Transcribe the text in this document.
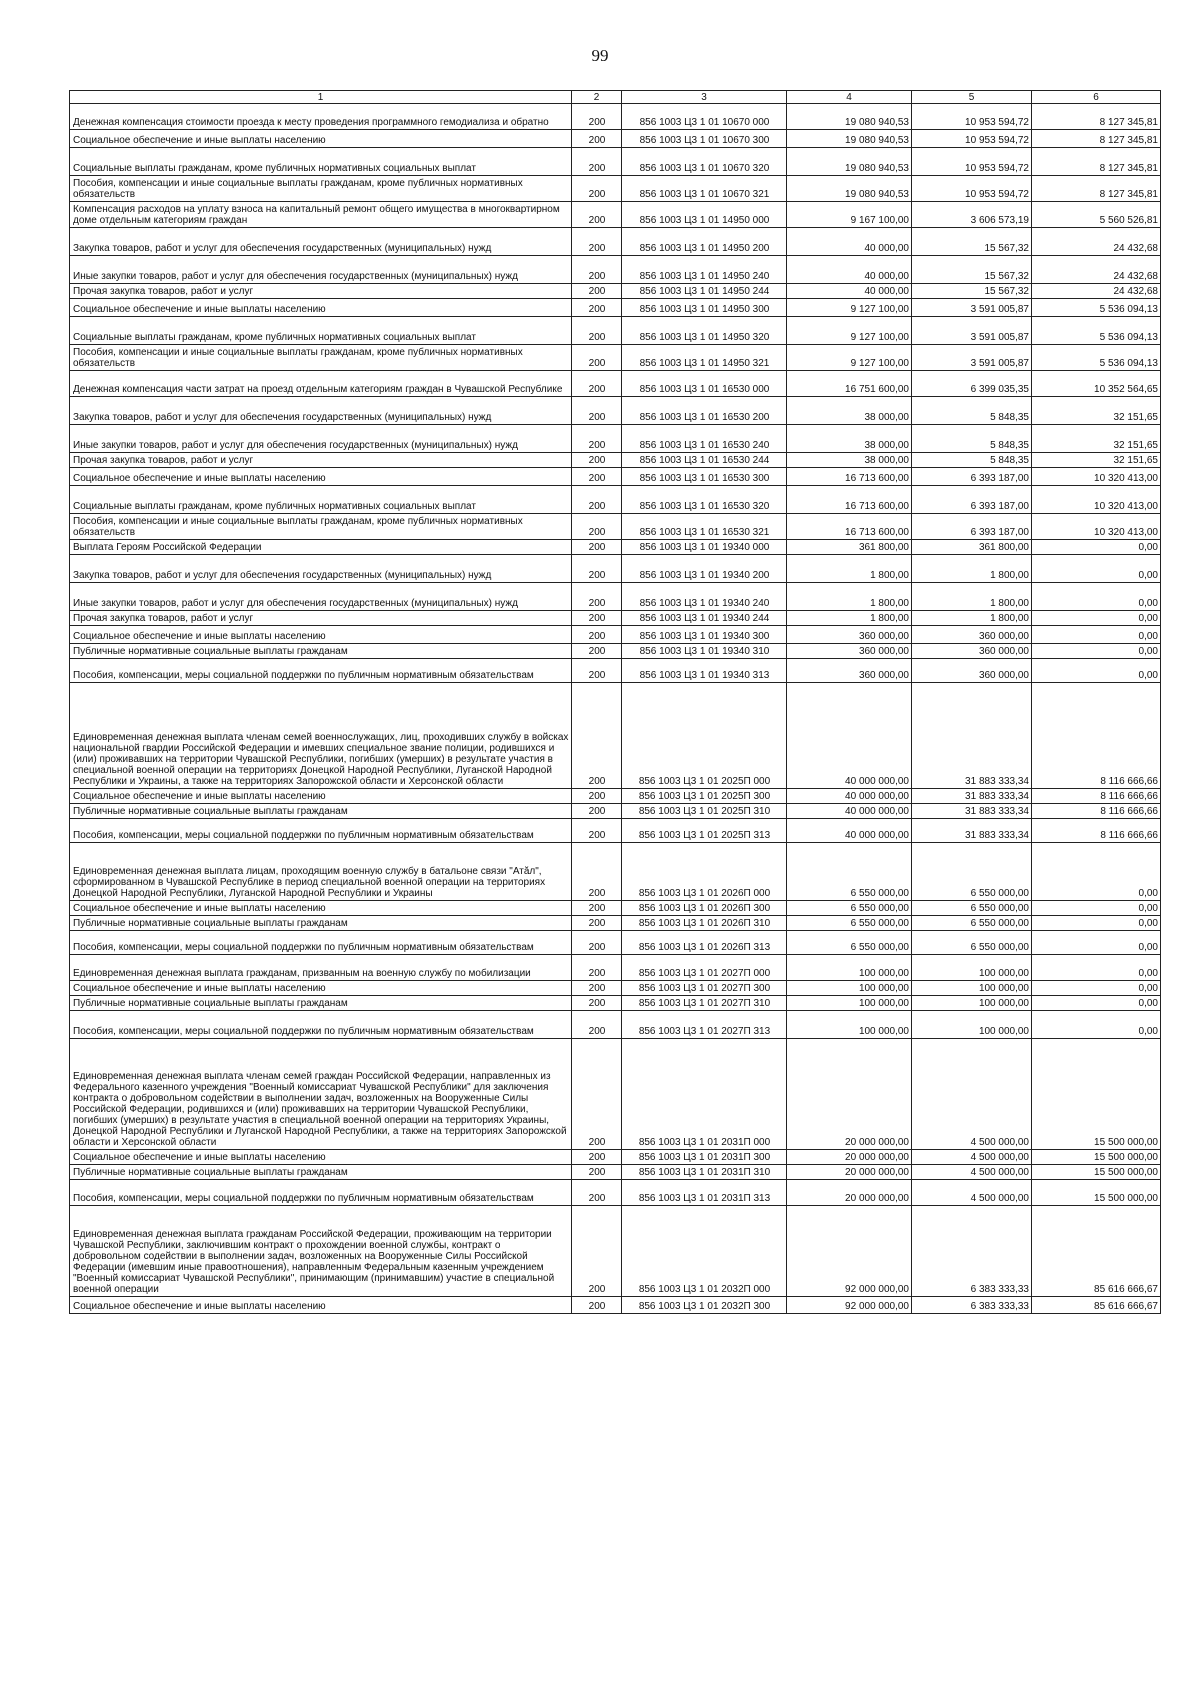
99
1	2	3	4	5	6
Денежная компенсация стоимости проезда к месту проведения программного гемодиализа и обратно	200	856 1003 Ц3 1 01 10670 000	19 080 940,53	10 953 594,72	8 127 345,81
Социальное обеспечение и иные выплаты населению	200	856 1003 Ц3 1 01 10670 300	19 080 940,53	10 953 594,72	8 127 345,81
Социальные выплаты гражданам, кроме публичных нормативных социальных выплат	200	856 1003 Ц3 1 01 10670 320	19 080 940,53	10 953 594,72	8 127 345,81
Пособия, компенсации и иные социальные выплаты гражданам, кроме публичных нормативных обязательств	200	856 1003 Ц3 1 01 10670 321	19 080 940,53	10 953 594,72	8 127 345,81
Компенсация расходов на уплату взноса на капитальный ремонт общего имущества в многоквартирном доме отдельным категориям граждан	200	856 1003 Ц3 1 01 14950 000	9 167 100,00	3 606 573,19	5 560 526,81
Закупка товаров, работ и услуг для обеспечения государственных (муниципальных) нужд	200	856 1003 Ц3 1 01 14950 200	40 000,00	15 567,32	24 432,68
Иные закупки товаров, работ и услуг для обеспечения государственных (муниципальных) нужд	200	856 1003 Ц3 1 01 14950 240	40 000,00	15 567,32	24 432,68
Прочая закупка товаров, работ и услуг	200	856 1003 Ц3 1 01 14950 244	40 000,00	15 567,32	24 432,68
Социальное обеспечение и иные выплаты населению	200	856 1003 Ц3 1 01 14950 300	9 127 100,00	3 591 005,87	5 536 094,13
Социальные выплаты гражданам, кроме публичных нормативных социальных выплат	200	856 1003 Ц3 1 01 14950 320	9 127 100,00	3 591 005,87	5 536 094,13
Пособия, компенсации и иные социальные выплаты гражданам, кроме публичных нормативных обязательств	200	856 1003 Ц3 1 01 14950 321	9 127 100,00	3 591 005,87	5 536 094,13
Денежная компенсация части затрат на проезд отдельным категориям граждан в Чувашской Республике	200	856 1003 Ц3 1 01 16530 000	16 751 600,00	6 399 035,35	10 352 564,65
Закупка товаров, работ и услуг для обеспечения государственных (муниципальных) нужд	200	856 1003 Ц3 1 01 16530 200	38 000,00	5 848,35	32 151,65
Иные закупки товаров, работ и услуг для обеспечения государственных (муниципальных) нужд	200	856 1003 Ц3 1 01 16530 240	38 000,00	5 848,35	32 151,65
Прочая закупка товаров, работ и услуг	200	856 1003 Ц3 1 01 16530 244	38 000,00	5 848,35	32 151,65
Социальное обеспечение и иные выплаты населению	200	856 1003 Ц3 1 01 16530 300	16 713 600,00	6 393 187,00	10 320 413,00
Социальные выплаты гражданам, кроме публичных нормативных социальных выплат	200	856 1003 Ц3 1 01 16530 320	16 713 600,00	6 393 187,00	10 320 413,00
Пособия, компенсации и иные социальные выплаты гражданам, кроме публичных нормативных обязательств	200	856 1003 Ц3 1 01 16530 321	16 713 600,00	6 393 187,00	10 320 413,00
Выплата Героям Российской Федерации	200	856 1003 Ц3 1 01 19340 000	361 800,00	361 800,00	0,00
Закупка товаров, работ и услуг для обеспечения государственных (муниципальных) нужд	200	856 1003 Ц3 1 01 19340 200	1 800,00	1 800,00	0,00
Иные закупки товаров, работ и услуг для обеспечения государственных (муниципальных) нужд	200	856 1003 Ц3 1 01 19340 240	1 800,00	1 800,00	0,00
Прочая закупка товаров, работ и услуг	200	856 1003 Ц3 1 01 19340 244	1 800,00	1 800,00	0,00
Социальное обеспечение и иные выплаты населению	200	856 1003 Ц3 1 01 19340 300	360 000,00	360 000,00	0,00
Публичные нормативные социальные выплаты гражданам	200	856 1003 Ц3 1 01 19340 310	360 000,00	360 000,00	0,00
Пособия, компенсации, меры социальной поддержки по публичным нормативным обязательствам	200	856 1003 Ц3 1 01 19340 313	360 000,00	360 000,00	0,00
Единовременная денежная выплата членам семей военнослужащих, лиц, проходивших службу в войсках национальной гвардии Российской Федерации и имевших специальное звание полиции, родившихся и (или) проживавших на территории Чувашской Республики, погибших (умерших) в результате участия в специальной военной операции на территориях Донецкой Народной Республики, Луганской Народной Республики и Украины, а также на территориях Запорожской области и Херсонской области	200	856 1003 Ц3 1 01 2025П 000	40 000 000,00	31 883 333,34	8 116 666,66
Социальное обеспечение и иные выплаты населению	200	856 1003 Ц3 1 01 2025П 300	40 000 000,00	31 883 333,34	8 116 666,66
Публичные нормативные социальные выплаты гражданам	200	856 1003 Ц3 1 01 2025П 310	40 000 000,00	31 883 333,34	8 116 666,66
Пособия, компенсации, меры социальной поддержки по публичным нормативным обязательствам	200	856 1003 Ц3 1 01 2025П 313	40 000 000,00	31 883 333,34	8 116 666,66
Единовременная денежная выплата лицам, проходящим военную службу в батальоне связи "Атӑл", сформированном в Чувашской Республике в период специальной военной операции на территориях Донецкой Народной Республики, Луганской Народной Республики и Украины	200	856 1003 Ц3 1 01 2026П 000	6 550 000,00	6 550 000,00	0,00
Социальное обеспечение и иные выплаты населению	200	856 1003 Ц3 1 01 2026П 300	6 550 000,00	6 550 000,00	0,00
Публичные нормативные социальные выплаты гражданам	200	856 1003 Ц3 1 01 2026П 310	6 550 000,00	6 550 000,00	0,00
Пособия, компенсации, меры социальной поддержки по публичным нормативным обязательствам	200	856 1003 Ц3 1 01 2026П 313	6 550 000,00	6 550 000,00	0,00
Единовременная денежная выплата гражданам, призванным на военную службу по мобилизации	200	856 1003 Ц3 1 01 2027П 000	100 000,00	100 000,00	0,00
Социальное обеспечение и иные выплаты населению	200	856 1003 Ц3 1 01 2027П 300	100 000,00	100 000,00	0,00
Публичные нормативные социальные выплаты гражданам	200	856 1003 Ц3 1 01 2027П 310	100 000,00	100 000,00	0,00
Пособия, компенсации, меры социальной поддержки по публичным нормативным обязательствам	200	856 1003 Ц3 1 01 2027П 313	100 000,00	100 000,00	0,00
Единовременная денежная выплата членам семей граждан Российской Федерации, направленных из Федерального казенного учреждения "Военный комиссариат Чувашской Республики" для заключения контракта о добровольном содействии в выполнении задач, возложенных на Вооруженные Силы Российской Федерации, родившихся и (или) проживавших на территории Чувашской Республики, погибших (умерших) в результате участия в специальной военной операции на территориях Украины, Донецкой Народной Республики и Луганской Народной Республики, а также на территориях Запорожской области и Херсонской области	200	856 1003 Ц3 1 01 2031П 000	20 000 000,00	4 500 000,00	15 500 000,00
Социальное обеспечение и иные выплаты населению	200	856 1003 Ц3 1 01 2031П 300	20 000 000,00	4 500 000,00	15 500 000,00
Публичные нормативные социальные выплаты гражданам	200	856 1003 Ц3 1 01 2031П 310	20 000 000,00	4 500 000,00	15 500 000,00
Пособия, компенсации, меры социальной поддержки по публичным нормативным обязательствам	200	856 1003 Ц3 1 01 2031П 313	20 000 000,00	4 500 000,00	15 500 000,00
Единовременная денежная выплата гражданам Российской Федерации, проживающим на территории Чувашской Республики, заключившим контракт о прохождении военной службы, контракт о добровольном содействии в выполнении задач, возложенных на Вооруженные Силы Российской Федерации (имевшим иные правоотношения), направленным Федеральным казенным учреждением "Военный комиссариат Чувашской Республики", принимающим (принимавшим) участие в специальной военной операции	200	856 1003 Ц3 1 01 2032П 000	92 000 000,00	6 383 333,33	85 616 666,67
Социальное обеспечение и иные выплаты населению	200	856 1003 Ц3 1 01 2032П 300	92 000 000,00	6 383 333,33	85 616 666,67
